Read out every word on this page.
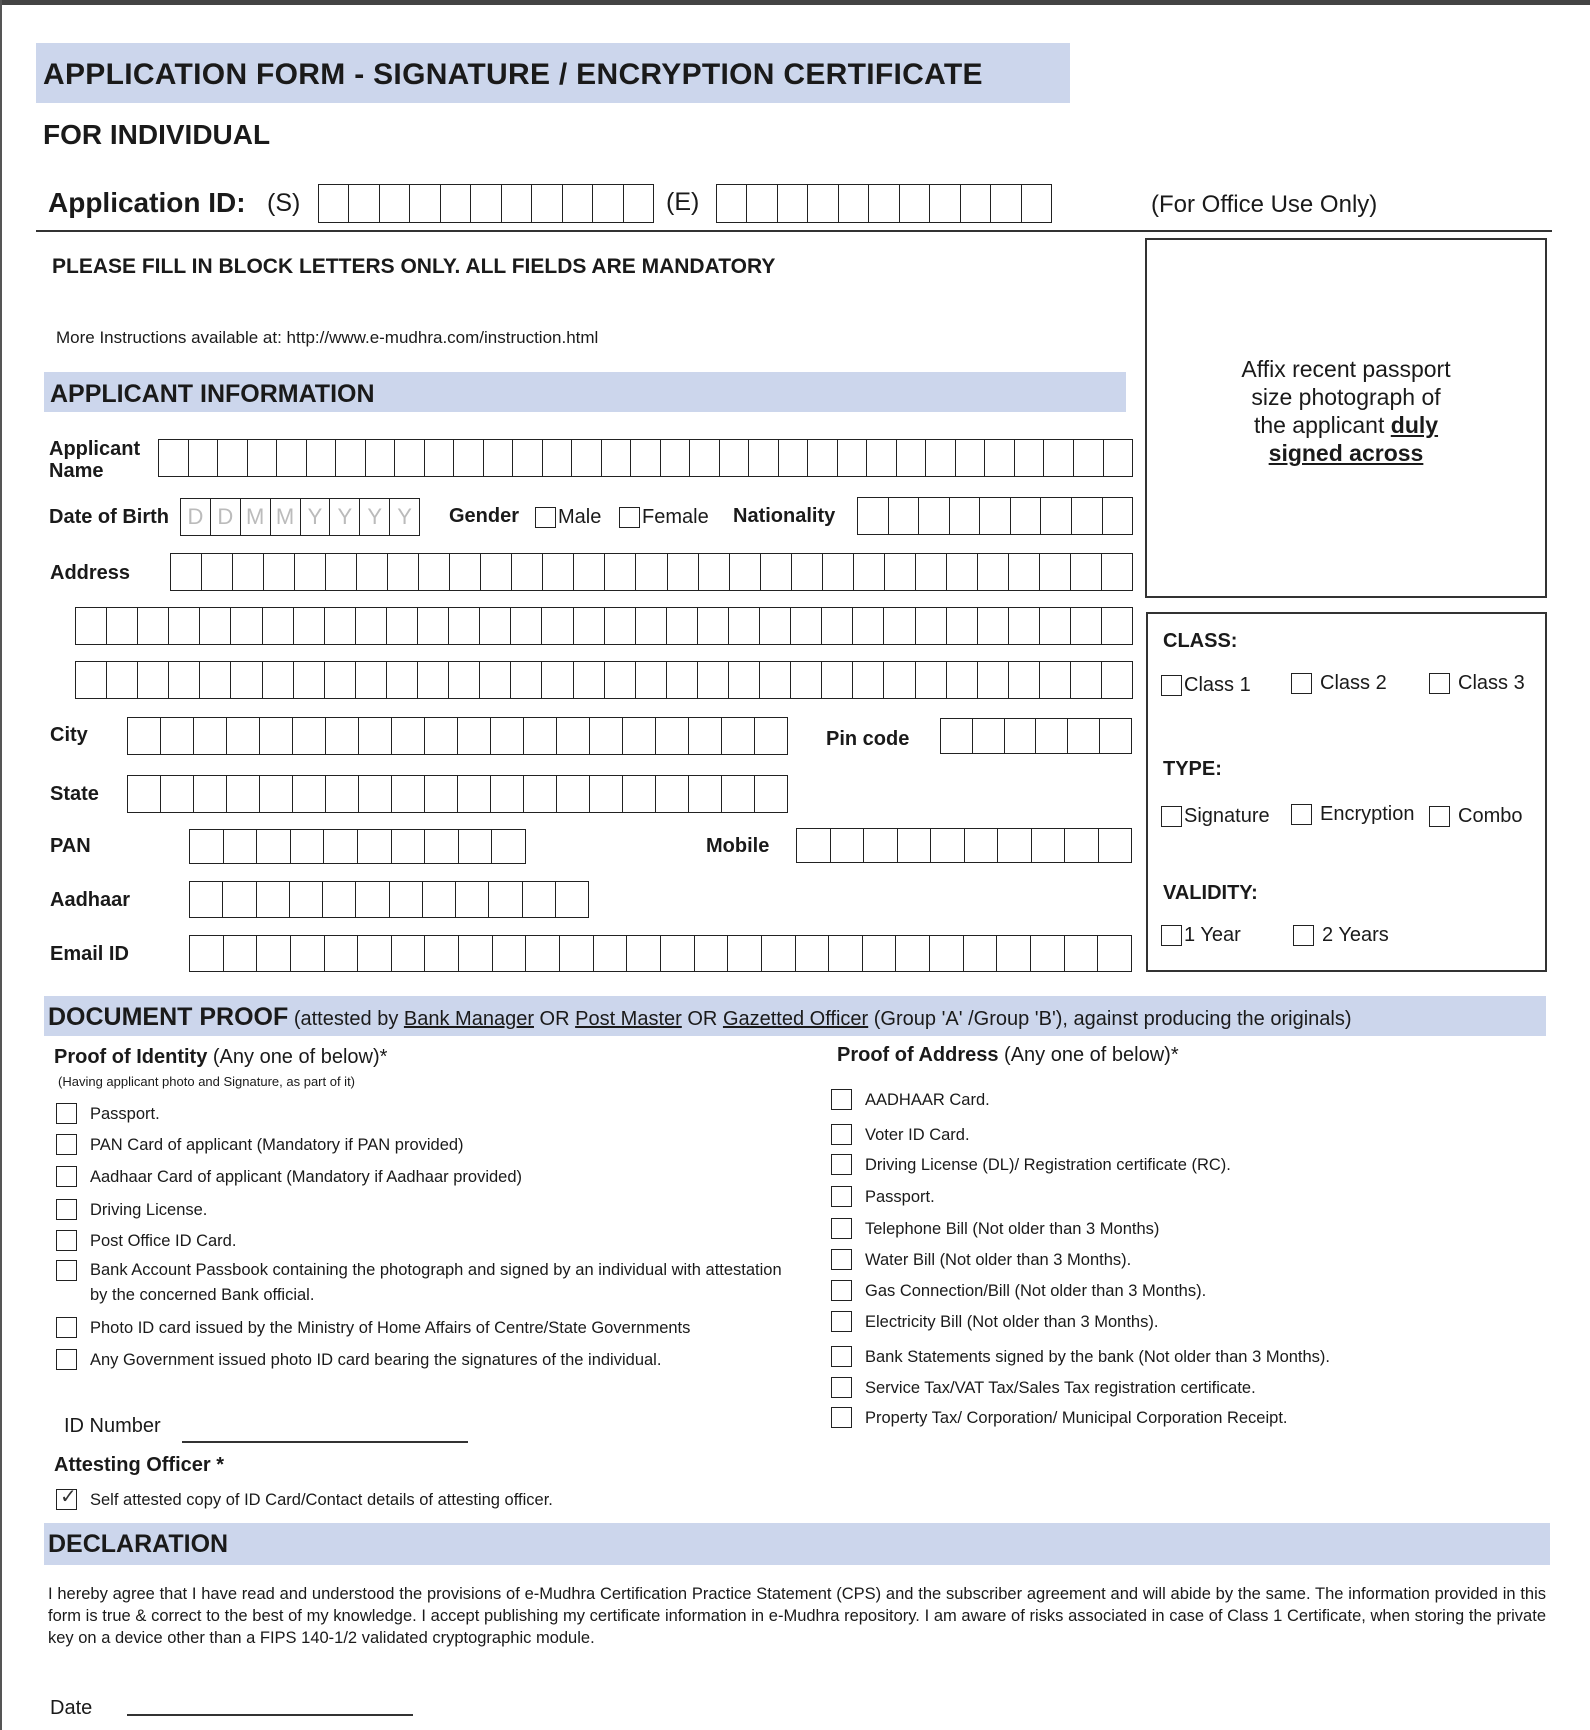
APPLICATION FORM - SIGNATURE / ENCRYPTION CERTIFICATE
FOR INDIVIDUAL
Application ID: (S)	(E)	(For Office Use Only)
PLEASE FILL IN BLOCK LETTERS ONLY. ALL FIELDS ARE MANDATORY
More Instructions available at: http://www.e-mudhra.com/instruction.html
Affix recent passport
size photograph of
the applicant duly
signed across
APPLICANT INFORMATION
Applicant
Name
Date of Birth D D M M Y Y Y Y	Gender Male Female Nationality
Address
City	Pin code
State
PAN	Mobile
Aadhaar
Email ID
CLASS:
Class 1	Class 2	Class 3
TYPE:
Signature	Encryption Combo
VALIDITY:
1 Year	2 Years
DOCUMENT PROOF (attested by Bank Manager OR Post Master OR Gazetted Officer (Group 'A' /Group 'B'), against producing the originals)
Proof of Identity (Any one of below)*
(Having applicant photo and Signature, as part of it)
Passport.
PAN Card of applicant (Mandatory if PAN provided)
Aadhaar Card of applicant (Mandatory if Aadhaar provided)
Driving License.
Post Office ID Card.
Bank Account Passbook containing the photograph and signed by an individual with attestation by the concerned Bank official.
Photo ID card issued by the Ministry of Home Affairs of Centre/State Governments
Any Government issued photo ID card bearing the signatures of the individual.
ID Number
Attesting Officer *
✓ Self attested copy of ID Card/Contact details of attesting officer.
Proof of Address (Any one of below)*
AADHAAR Card.
Voter ID Card.
Driving License (DL)/ Registration certificate (RC).
Passport.
Telephone Bill (Not older than 3 Months)
Water Bill (Not older than 3 Months).
Gas Connection/Bill (Not older than 3 Months).
Electricity Bill (Not older than 3 Months).
Bank Statements signed by the bank (Not older than 3 Months).
Service Tax/VAT Tax/Sales Tax registration certificate.
Property Tax/ Corporation/ Municipal Corporation Receipt.
DECLARATION
I hereby agree that I have read and understood the provisions of e-Mudhra Certification Practice Statement (CPS) and the subscriber agreement and will abide by the same. The information provided in this form is true & correct to the best of my knowledge. I accept publishing my certificate information in e-Mudhra repository. I am aware of risks associated in case of Class 1 Certificate, when storing the private key on a device other than a FIPS 140-1/2 validated cryptographic module.
Date
